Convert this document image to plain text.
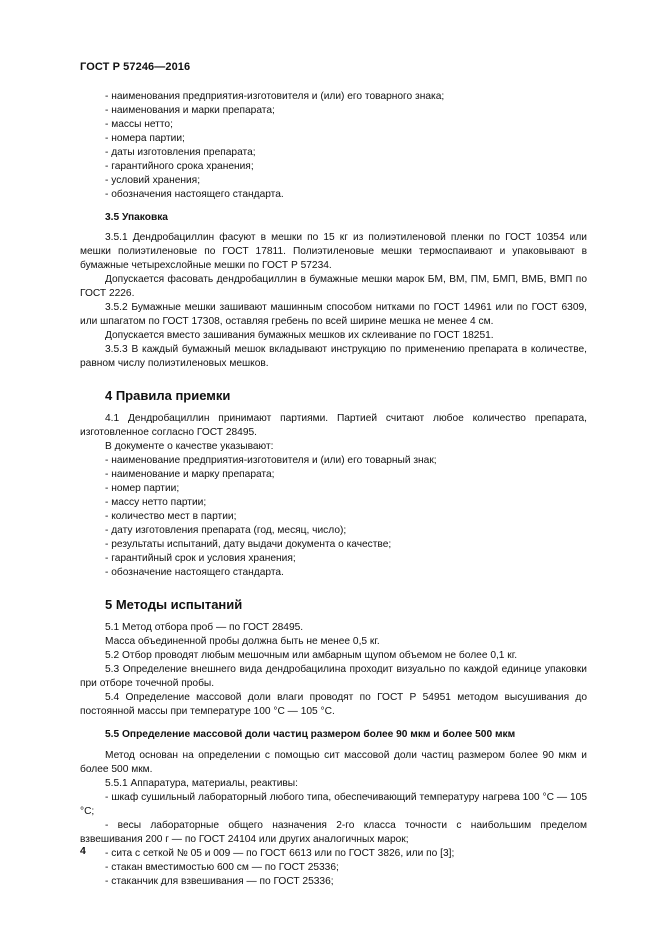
ГОСТ Р 57246—2016

- наименования предприятия-изготовителя и (или) его товарного знака;

- наименования и марки препарата;

- массы нетто;

- номера партии;

- даты изготовления препарата;

- гарантийного срока хранения;

- условий хранения;

- обозначения настоящего стандарта.

3.5 Упаковка

3.5.1 Дендробациллин фасуют в мешки по 15 кг из полиэтиленовой пленки по ГОСТ 10354 или мешки полиэтиленовые по ГОСТ 17811. Полиэтиленовые мешки термоспаивают и упаковывают в бумажные четырехслойные мешки по ГОСТ Р 57234.

Допускается фасовать дендробациллин в бумажные мешки марок БМ, ВМ, ПМ, БМП, ВМБ, ВМП по ГОСТ 2226.

3.5.2 Бумажные мешки зашивают машинным способом нитками по ГОСТ 14961 или по ГОСТ 6309, или шпагатом по ГОСТ 17308, оставляя гребень по всей ширине мешка не менее 4 см.

Допускается вместо зашивания бумажных мешков их склеивание по ГОСТ 18251.

3.5.3 В каждый бумажный мешок вкладывают инструкцию по применению препарата в количестве, равном числу полиэтиленовых мешков.

4 Правила приемки

4.1 Дендробациллин принимают партиями. Партией считают любое количество препарата, изготовленное согласно ГОСТ 28495.

В документе о качестве указывают:

- наименование предприятия-изготовителя и (или) его товарный знак;

- наименование и марку препарата;

- номер партии;

- массу нетто партии;

- количество мест в партии;

- дату изготовления препарата (год, месяц, число);

- результаты испытаний, дату выдачи документа о качестве;

- гарантийный срок и условия хранения;

- обозначение настоящего стандарта.

5 Методы испытаний

5.1 Метод отбора проб — по ГОСТ 28495.

Масса объединенной пробы должна быть не менее 0,5 кг.

5.2 Отбор проводят любым мешочным или амбарным щупом объемом не более 0,1 кг.

5.3 Определение внешнего вида дендробацилина проходит визуально по каждой единице упаковки при отборе точечной пробы.

5.4 Определение массовой доли влаги проводят по ГОСТ Р 54951 методом высушивания до постоянной массы при температуре 100 °С — 105 °С.

5.5 Определение массовой доли частиц размером более 90 мкм и более 500 мкм

Метод основан на определении с помощью сит массовой доли частиц размером более 90 мкм и более 500 мкм.

5.5.1 Аппаратура, материалы, реактивы:

- шкаф сушильный лабораторный любого типа, обеспечивающий температуру нагрева 100 °С — 105 °С;

- весы лабораторные общего назначения 2-го класса точности с наибольшим пределом взвешивания 200 г — по ГОСТ 24104 или других аналогичных марок;

- сита с сеткой № 05 и 009 — по ГОСТ 6613 или по ГОСТ 3826, или по [3];

- стакан вместимостью 600 см — по ГОСТ 25336;

- стаканчик для взвешивания — по ГОСТ 25336;

4
